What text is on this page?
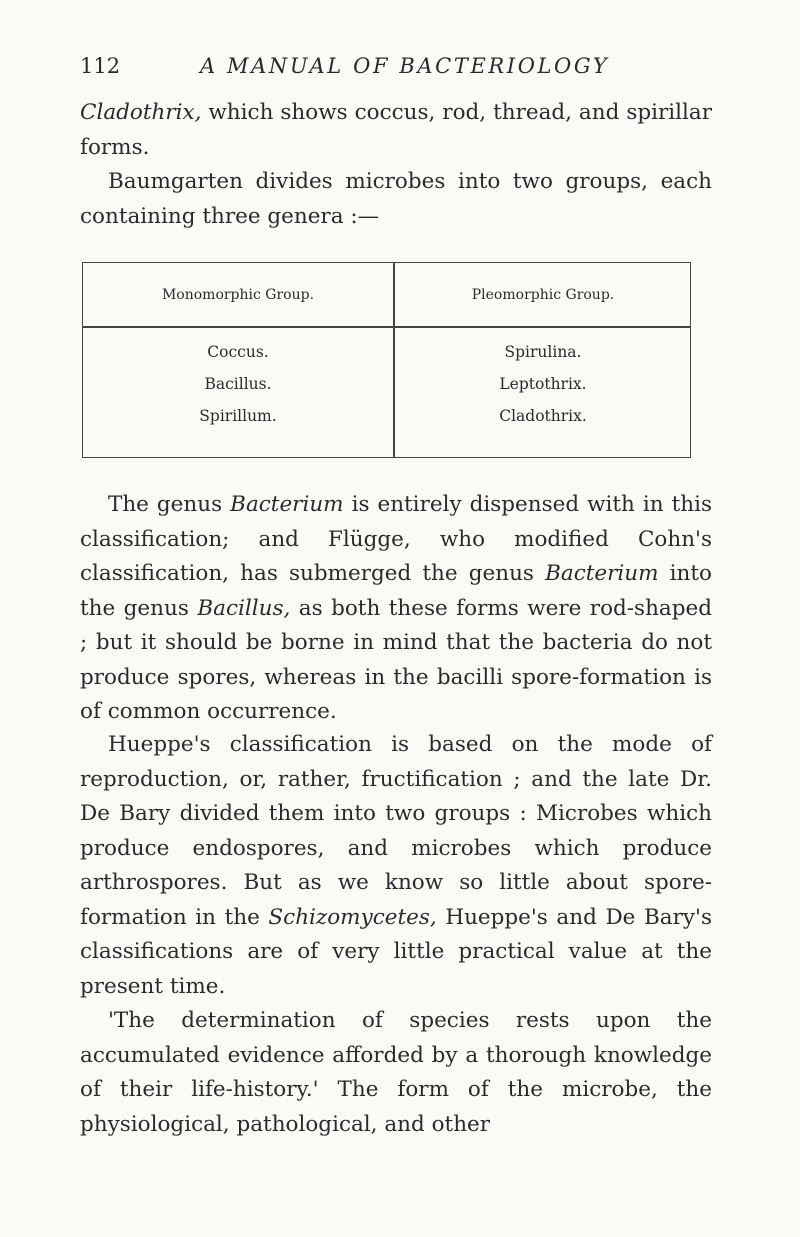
112	A MANUAL OF BACTERIOLOGY

Cladothrix, which shows coccus, rod, thread, and spirillar forms.

Baumgarten divides microbes into two groups, each containing three genera :—

Monomorphic Group.	Pleomorphic Group.
Coccus.
Bacillus.
Spirillum.
Spirulina.
Leptothrix.
Cladothrix.

The genus Bacterium is entirely dispensed with in this classification; and Flügge, who modified Cohn's classification, has submerged the genus Bacterium into the genus Bacillus, as both these forms were rod-shaped ; but it should be borne in mind that the bacteria do not produce spores, whereas in the bacilli spore-formation is of common occurrence.

Hueppe's classification is based on the mode of reproduction, or, rather, fructification ; and the late Dr. De Bary divided them into two groups : Microbes which produce endospores, and microbes which produce arthrospores. But as we know so little about spore-formation in the Schizomycetes, Hueppe's and De Bary's classifications are of very little practical value at the present time.

'The determination of species rests upon the accumulated evidence afforded by a thorough knowledge of their life-history.' The form of the microbe, the physiological, pathological, and other
